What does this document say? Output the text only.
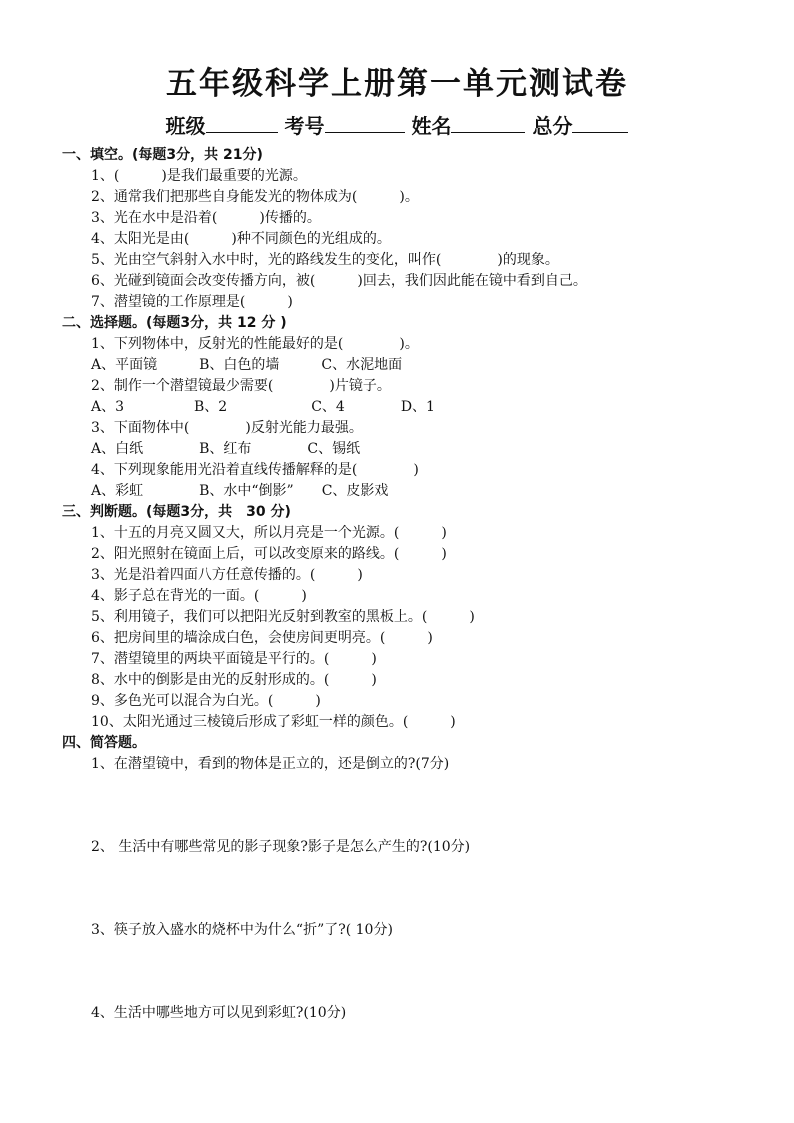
五年级科学上册第一单元测试卷
班级	考号	姓名	总分
一、填空。(每题3分，共 21分)
1、(　　　)是我们最重要的光源。
2、通常我们把那些自身能发光的物体成为(　　　)。
3、光在水中是沿着(　　　)传播的。
4、太阳光是由(　　　)种不同颜色的光组成的。
5、光由空气斜射入水中时，光的路线发生的变化，叫作(　　　　)的现象。
6、光碰到镜面会改变传播方向，被(　　　)回去，我们因此能在镜中看到自己。
7、潜望镜的工作原理是(　　　)
二、选择题。(每题3分，共 12 分 )
1、下列物体中，反射光的性能最好的是(　　　　)。
A、平面镜　　　B、白色的墙　　　C、水泥地面
2、制作一个潜望镜最少需要(　　　　)片镜子。
A、3　　　　　B、2　　　　　　C、4　　　　D、1
3、下面物体中(　　　　)反射光能力最强。
A、白纸　　　　B、红布　　　　C、锡纸
4、下列现象能用光沿着直线传播解释的是(　　　　)
A、彩虹　　　　B、水中“倒影”　　C、皮影戏
三、判断题。(每题3分，共　30 分)
1、十五的月亮又圆又大，所以月亮是一个光源。(　　　)
2、阳光照射在镜面上后，可以改变原来的路线。(　　　)
3、光是沿着四面八方任意传播的。(　　　)
4、影子总在背光的一面。(　　　)
5、利用镜子，我们可以把阳光反射到教室的黑板上。(　　　)
6、把房间里的墙涂成白色，会使房间更明亮。(　　　)
7、潜望镜里的两块平面镜是平行的。(　　　)
8、水中的倒影是由光的反射形成的。(　　　)
9、多色光可以混合为白光。(　　　)
10、太阳光通过三棱镜后形成了彩虹一样的颜色。(　　　)
四、简答题。
1、在潜望镜中，看到的物体是正立的，还是倒立的?(7分)
2、 生活中有哪些常见的影子现象?影子是怎么产生的?(10分)
3、筷子放入盛水的烧杯中为什么“折”了?( 10分)
4、生活中哪些地方可以见到彩虹?(10分)
